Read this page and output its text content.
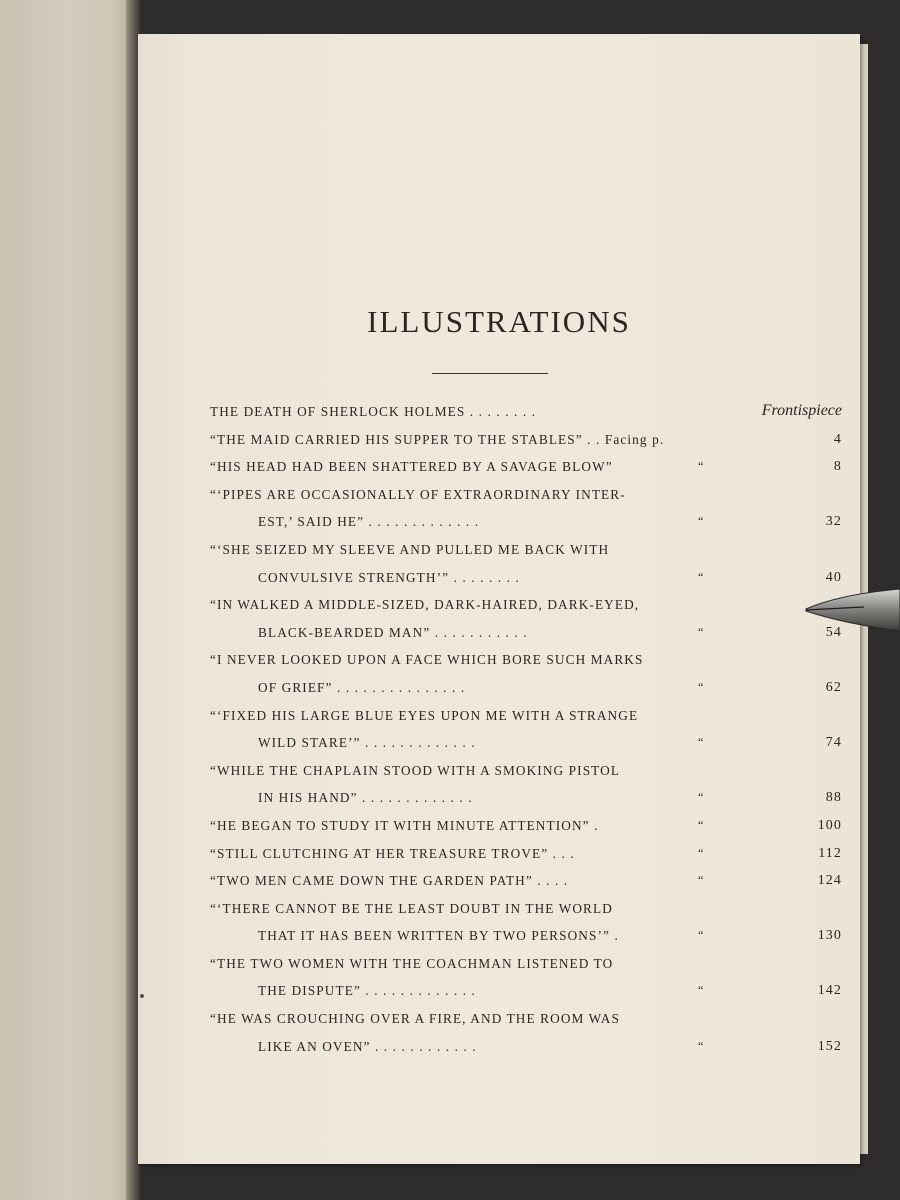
ILLUSTRATIONS
THE DEATH OF SHERLOCK HOLMES . . . . . . . .	Frontispiece
“THE MAID CARRIED HIS SUPPER TO THE STABLES” . . Facing p.	4
“HIS HEAD HAD BEEN SHATTERED BY A SAVAGE BLOW”	“	8
“‘PIPES ARE OCCASIONALLY OF EXTRAORDINARY INTER-
EST,’ SAID HE” . . . . . . . . . . . . .	“	32
“‘SHE SEIZED MY SLEEVE AND PULLED ME BACK WITH
CONVULSIVE STRENGTH’” . . . . . . . .	“	40
“IN WALKED A MIDDLE-SIZED, DARK-HAIRED, DARK-EYED,
BLACK-BEARDED MAN” . . . . . . . . . . .	“	54
“I NEVER LOOKED UPON A FACE WHICH BORE SUCH MARKS
OF GRIEF” . . . . . . . . . . . . . . .	“	62
“‘FIXED HIS LARGE BLUE EYES UPON ME WITH A STRANGE
WILD STARE’” . . . . . . . . . . . . .	“	74
“WHILE THE CHAPLAIN STOOD WITH A SMOKING PISTOL
IN HIS HAND” . . . . . . . . . . . . .	“	88
“HE BEGAN TO STUDY IT WITH MINUTE ATTENTION” .	“	100
“STILL CLUTCHING AT HER TREASURE TROVE” . . .	“	112
“TWO MEN CAME DOWN THE GARDEN PATH” . . . .	“	124
“‘THERE CANNOT BE THE LEAST DOUBT IN THE WORLD
THAT IT HAS BEEN WRITTEN BY TWO PERSONS’” .	“	130
“THE TWO WOMEN WITH THE COACHMAN LISTENED TO
THE DISPUTE” . . . . . . . . . . . . .	“	142
“HE WAS CROUCHING OVER A FIRE, AND THE ROOM WAS
LIKE AN OVEN” . . . . . . . . . . . .	“	152
